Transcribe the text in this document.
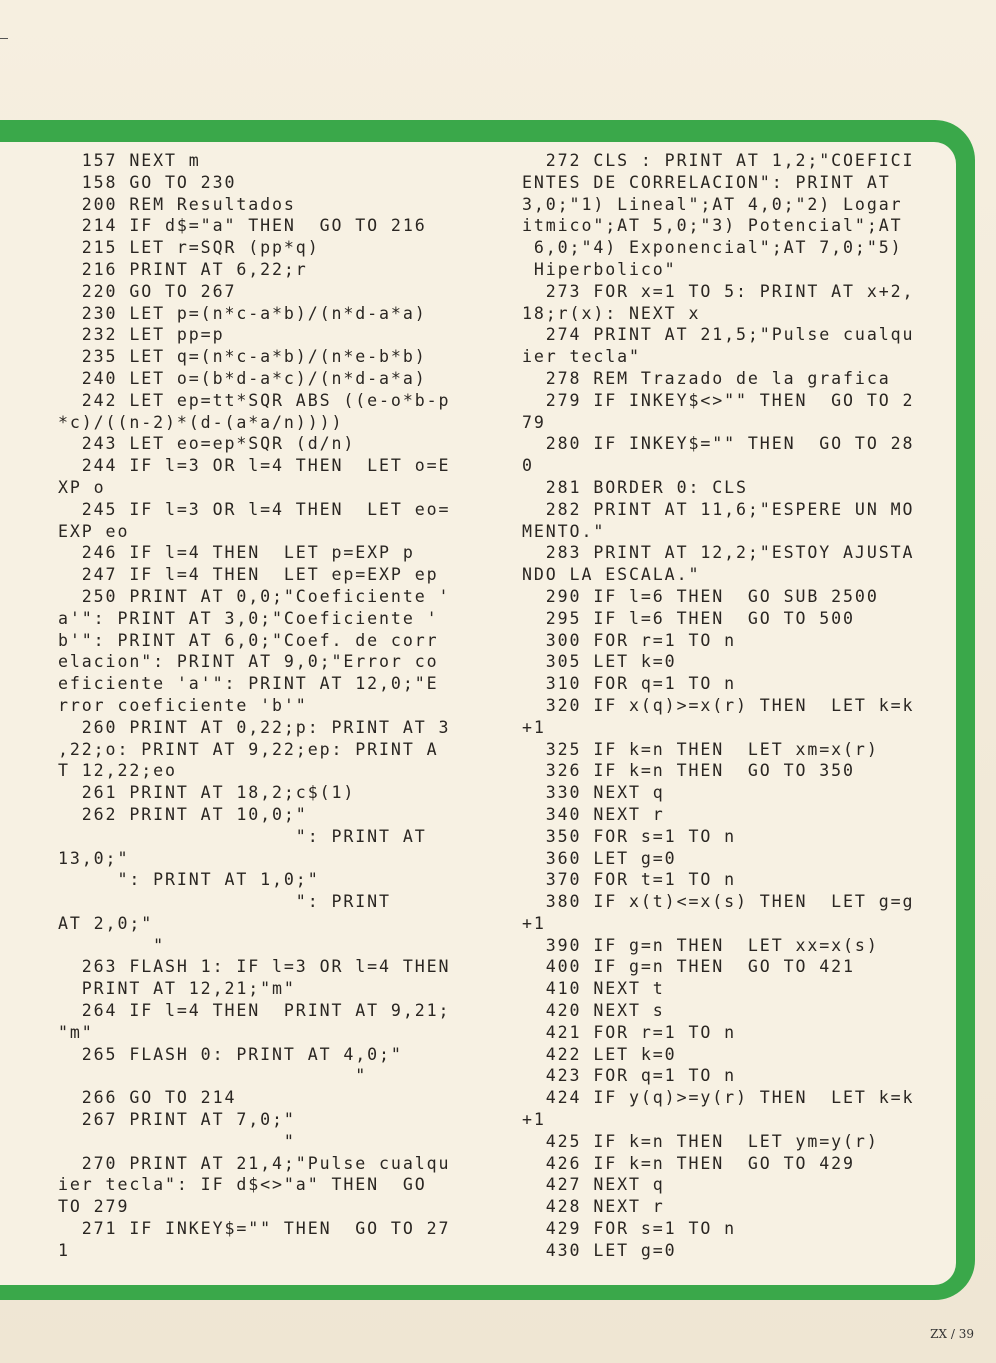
157 NEXT m
158 GO TO 230
200 REM Resultados
214 IF d$="a" THEN  GO TO 216
215 LET r=SQR (pp*q)
216 PRINT AT 6,22;r
220 GO TO 267
230 LET p=(n*c-a*b)/(n*d-a*a)
232 LET pp=p
235 LET q=(n*c-a*b)/(n*e-b*b)
240 LET o=(b*d-a*c)/(n*d-a*a)
242 LET ep=tt*SQR ABS ((e-o*b-p
*c)/((n-2)*(d-(a*a/n))))
243 LET eo=ep*SQR (d/n)
244 IF l=3 OR l=4 THEN  LET o=E
XP o
245 IF l=3 OR l=4 THEN  LET eo=
EXP eo
246 IF l=4 THEN  LET p=EXP p
247 IF l=4 THEN  LET ep=EXP ep
250 PRINT AT 0,0;"Coeficiente '
a'": PRINT AT 3,0;"Coeficiente '
b'": PRINT AT 6,0;"Coef. de corr
elacion": PRINT AT 9,0;"Error co
eficiente 'a'": PRINT AT 12,0;"E
rror coeficiente 'b'"
260 PRINT AT 0,22;p: PRINT AT 3
,22;o: PRINT AT 9,22;ep: PRINT A
T 12,22;eo
261 PRINT AT 18,2;c$(1)
262 PRINT AT 10,0;"
": PRINT AT
13,0;"
": PRINT AT 1,0;"
": PRINT
AT 2,0;"
"
263 FLASH 1: IF l=3 OR l=4 THEN
PRINT AT 12,21;"m"
264 IF l=4 THEN  PRINT AT 9,21;
"m"
265 FLASH 0: PRINT AT 4,0;"
"
266 GO TO 214
267 PRINT AT 7,0;"
"
270 PRINT AT 21,4;"Pulse cualqu
ier tecla": IF d$<>"a" THEN  GO
TO 279
271 IF INKEY$="" THEN  GO TO 27
1
272 CLS : PRINT AT 1,2;"COEFICI
ENTES DE CORRELACION": PRINT AT
3,0;"1) Lineal";AT 4,0;"2) Logar
itmico";AT 5,0;"3) Potencial";AT
6,0;"4) Exponencial";AT 7,0;"5)
Hiperbolico"
273 FOR x=1 TO 5: PRINT AT x+2,
18;r(x): NEXT x
274 PRINT AT 21,5;"Pulse cualqu
ier tecla"
278 REM Trazado de la grafica
279 IF INKEY$<>"" THEN  GO TO 2
79
280 IF INKEY$="" THEN  GO TO 28
0
281 BORDER 0: CLS
282 PRINT AT 11,6;"ESPERE UN MO
MENTO."
283 PRINT AT 12,2;"ESTOY AJUSTA
NDO LA ESCALA."
290 IF l=6 THEN  GO SUB 2500
295 IF l=6 THEN  GO TO 500
300 FOR r=1 TO n
305 LET k=0
310 FOR q=1 TO n
320 IF x(q)>=x(r) THEN  LET k=k
+1
325 IF k=n THEN  LET xm=x(r)
326 IF k=n THEN  GO TO 350
330 NEXT q
340 NEXT r
350 FOR s=1 TO n
360 LET g=0
370 FOR t=1 TO n
380 IF x(t)<=x(s) THEN  LET g=g
+1
390 IF g=n THEN  LET xx=x(s)
400 IF g=n THEN  GO TO 421
410 NEXT t
420 NEXT s
421 FOR r=1 TO n
422 LET k=0
423 FOR q=1 TO n
424 IF y(q)>=y(r) THEN  LET k=k
+1
425 IF k=n THEN  LET ym=y(r)
426 IF k=n THEN  GO TO 429
427 NEXT q
428 NEXT r
429 FOR s=1 TO n
430 LET g=0
ZX / 39
